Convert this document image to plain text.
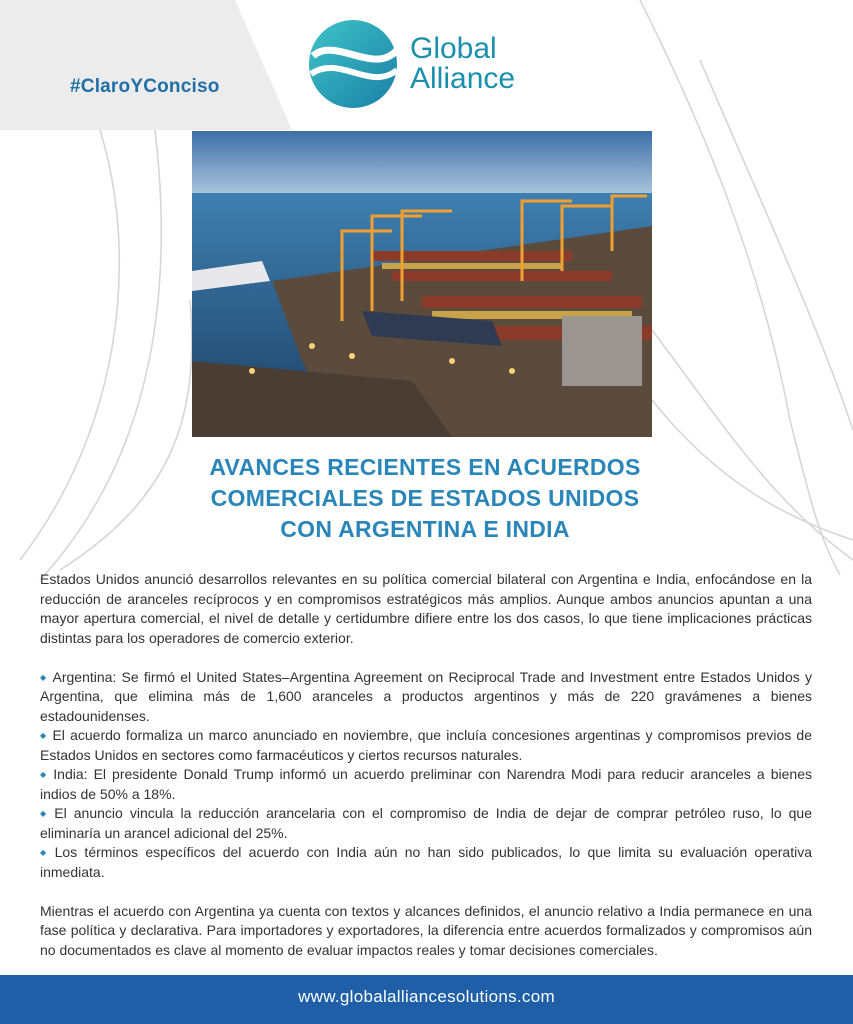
#ClaroYConciso
Global
Alliance
AVANCES RECIENTES EN ACUERDOS
COMERCIALES DE ESTADOS UNIDOS
CON ARGENTINA E INDIA

Estados Unidos anunció desarrollos relevantes en su política comercial bilateral con Argentina e India, enfocándose en la reducción de aranceles recíprocos y en compromisos estratégicos más amplios. Aunque ambos anuncios apuntan a una mayor apertura comercial, el nivel de detalle y certidumbre difiere entre los dos casos, lo que tiene implicaciones prácticas distintas para los operadores de comercio exterior.

◆ Argentina: Se firmó el United States–Argentina Agreement on Reciprocal Trade and Investment entre Estados Unidos y Argentina, que elimina más de 1,600 aranceles a productos argentinos y más de 220 gravámenes a bienes estadounidenses.

◆ El acuerdo formaliza un marco anunciado en noviembre, que incluía concesiones argentinas y compromisos previos de Estados Unidos en sectores como farmacéuticos y ciertos recursos naturales.

◆ India: El presidente Donald Trump informó un acuerdo preliminar con Narendra Modi para reducir aranceles a bienes indios de 50% a 18%.

◆ El anuncio vincula la reducción arancelaria con el compromiso de India de dejar de comprar petróleo ruso, lo que eliminaría un arancel adicional del 25%.

◆ Los términos específicos del acuerdo con India aún no han sido publicados, lo que limita su evaluación operativa inmediata.

Mientras el acuerdo con Argentina ya cuenta con textos y alcances definidos, el anuncio relativo a India permanece en una fase política y declarativa. Para importadores y exportadores, la diferencia entre acuerdos formalizados y compromisos aún no documentados es clave al momento de evaluar impactos reales y tomar decisiones comerciales.

www.globalalliancesolutions.com
